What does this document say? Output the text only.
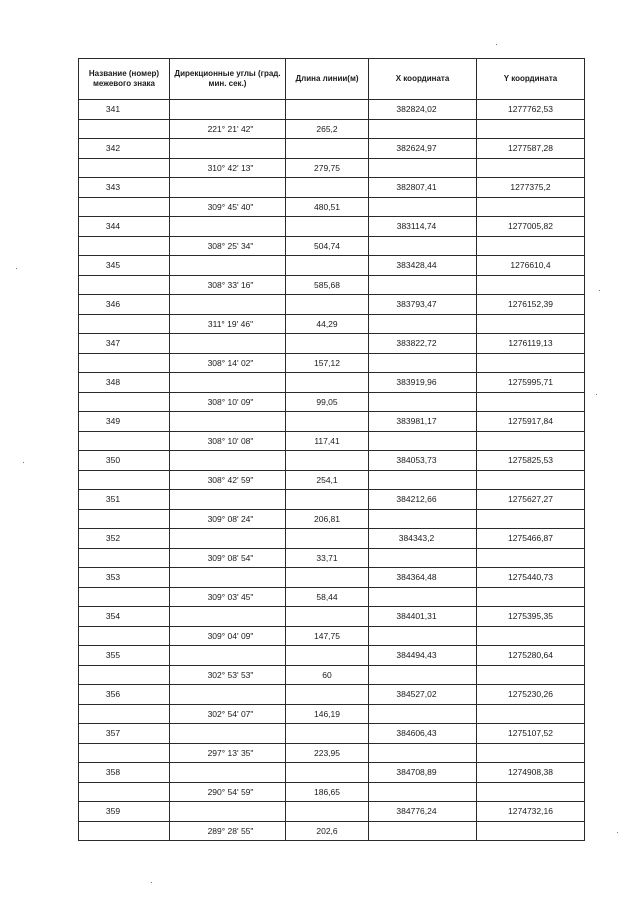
Название (номер) межевого знака	Дирекционные углы (град. мин. сек.)	Длина линии(м)	X координата	Y координата
341			382824,02	1277762,53
	221° 21' 42"	265,2		
342			382624,97	1277587,28
	310° 42' 13"	279,75		
343			382807,41	1277375,2
	309° 45' 40"	480,51		
344			383114,74	1277005,82
	308° 25' 34"	504,74		
345			383428,44	1276610,4
	308° 33' 16"	585,68		
346			383793,47	1276152,39
	311° 19' 46"	44,29		
347			383822,72	1276119,13
	308° 14' 02"	157,12		
348			383919,96	1275995,71
	308° 10' 09"	99,05		
349			383981,17	1275917,84
	308° 10' 08"	117,41		
350			384053,73	1275825,53
	308° 42' 59"	254,1		
351			384212,66	1275627,27
	309° 08' 24"	206,81		
352			384343,2	1275466,87
	309° 08' 54"	33,71		
353			384364,48	1275440,73
	309° 03' 45"	58,44		
354			384401,31	1275395,35
	309° 04' 09"	147,75		
355			384494,43	1275280,64
	302° 53' 53"	60		
356			384527,02	1275230,26
	302° 54' 07"	146,19		
357			384606,43	1275107,52
	297° 13' 35"	223,95		
358			384708,89	1274908,38
	290° 54' 59"	186,65		
359			384776,24	1274732,16
	289° 28' 55"	202,6		
